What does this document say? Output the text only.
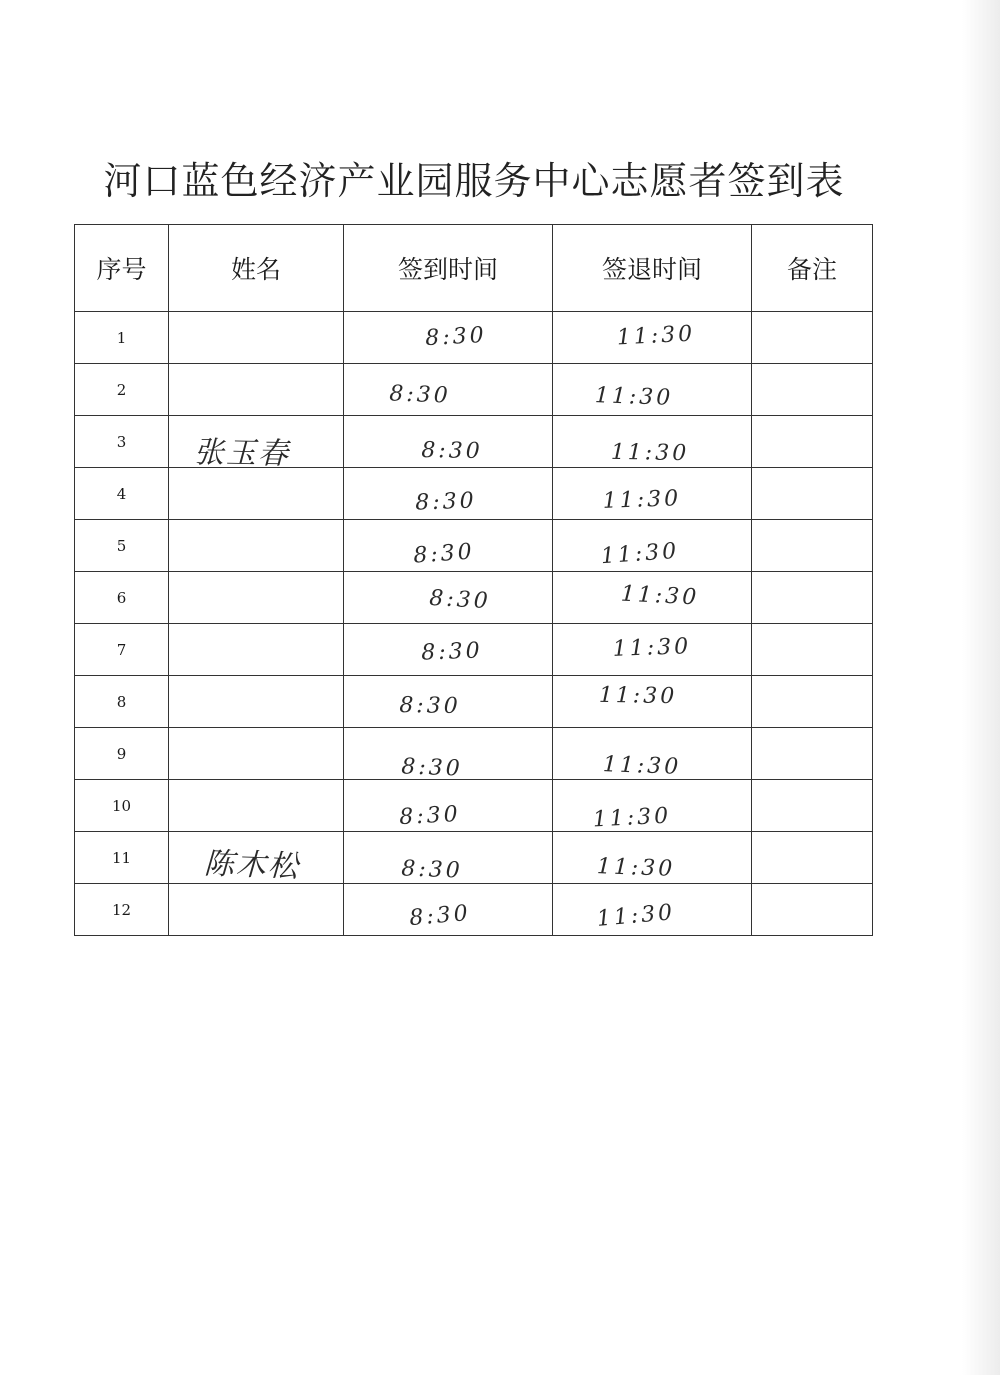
河口蓝色经济产业园服务中心志愿者签到表
序号	姓名	签到时间	签退时间	备注
1		8:30	11:30	

2		8:30	11:30	

3	张玉春	8:30	11:30	

4		8:30	11:30	

5		8:30	11:30	

6		8:30	11:30	

7		8:30	11:30	

8		8:30	11:30	

9		8:30	11:30	

10		8:30	11:30	

11	陈木松	8:30	11:30	

12		8:30	11:30	
